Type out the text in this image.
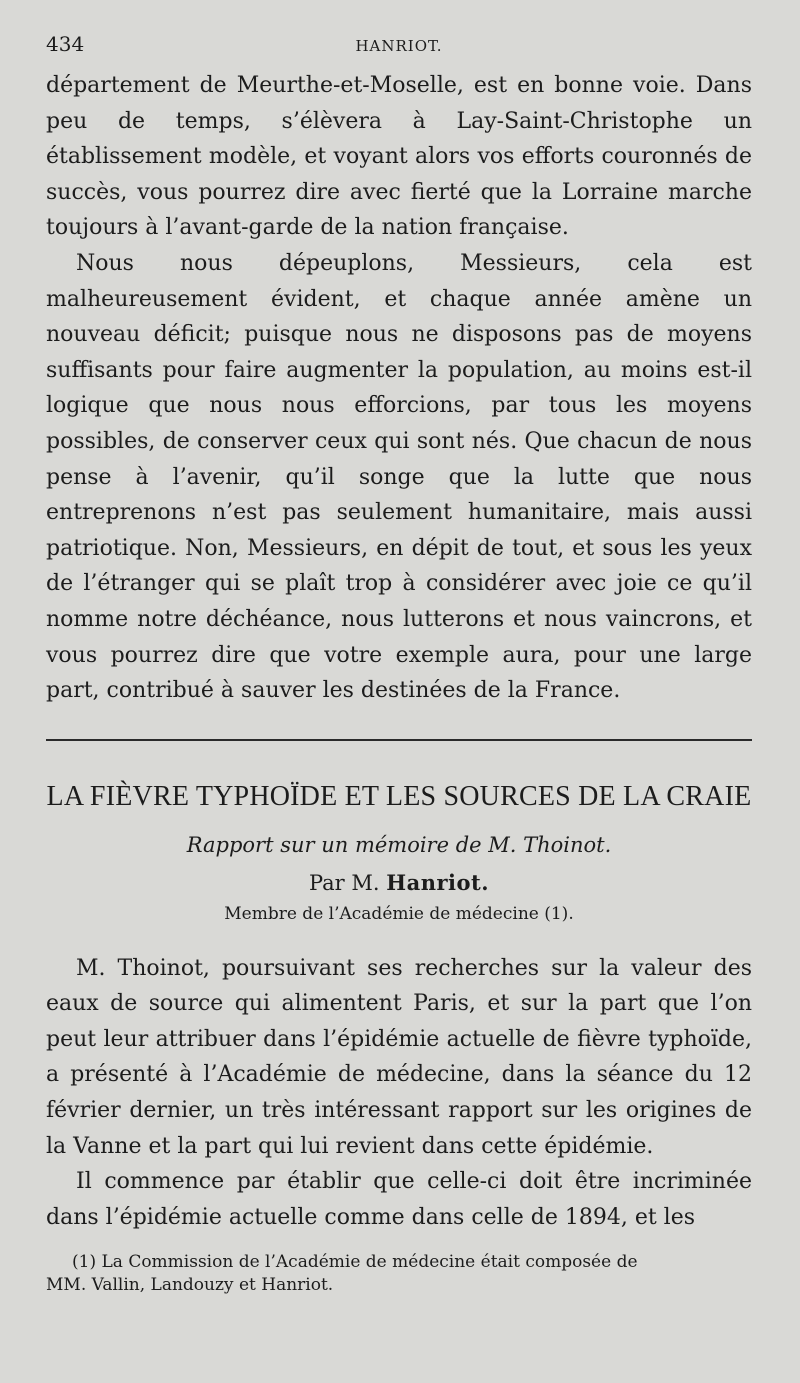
434	HANRIOT.

département de Meurthe-et-Moselle, est en bonne voie. Dans peu de temps, s’élèvera à Lay-Saint-Christophe un établissement modèle, et voyant alors vos efforts couronnés de succès, vous pourrez dire avec fierté que la Lorraine marche toujours à l’avant-garde de la nation française.

Nous nous dépeuplons, Messieurs, cela est malheureusement évident, et chaque année amène un nouveau déficit; puisque nous ne disposons pas de moyens suffisants pour faire augmenter la population, au moins est-il logique que nous nous efforcions, par tous les moyens possibles, de conserver ceux qui sont nés. Que chacun de nous pense à l’avenir, qu’il songe que la lutte que nous entreprenons n’est pas seulement humanitaire, mais aussi patriotique. Non, Messieurs, en dépit de tout, et sous les yeux de l’étranger qui se plaît trop à considérer avec joie ce qu’il nomme notre déchéance, nous lutterons et nous vaincrons, et vous pourrez dire que votre exemple aura, pour une large part, contribué à sauver les destinées de la France.

LA FIÈVRE TYPHOÏDE ET LES SOURCES DE LA CRAIE
Rapport sur un mémoire de M. Thoinot.
Par M. Hanriot.
Membre de l’Académie de médecine (1).

M. Thoinot, poursuivant ses recherches sur la valeur des eaux de source qui alimentent Paris, et sur la part que l’on peut leur attribuer dans l’épidémie actuelle de fièvre typhoïde, a présenté à l’Académie de médecine, dans la séance du 12 février dernier, un très intéressant rapport sur les origines de la Vanne et la part qui lui revient dans cette épidémie.

Il commence par établir que celle-ci doit être incriminée dans l’épidémie actuelle comme dans celle de 1894, et les

(1) La Commission de l’Académie de médecine était composée de
MM. Vallin, Landouzy et Hanriot.
